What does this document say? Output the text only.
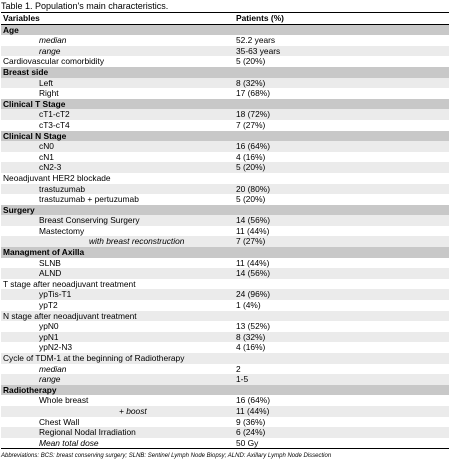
Table 1. Population's main characteristics.
Variables	Patients (%)
Age	
median	52.2 years
range	35-63 years
Cardiovascular comorbidity	5 (20%)
Breast side	
Left	8 (32%)
Right	17 (68%)
Clinical T Stage	
cT1-cT2	18 (72%)
cT3-cT4	7 (27%)
Clinical N Stage	
cN0	16 (64%)
cN1	4 (16%)
cN2-3	5 (20%)
Neoadjuvant HER2 blockade	
trastuzumab	20 (80%)
trastuzumab + pertuzumab	5 (20%)
Surgery	
Breast Conserving Surgery	14 (56%)
Mastectomy	11 (44%)
with breast reconstruction	7 (27%)
Managment of Axilla	
SLNB	11 (44%)
ALND	14 (56%)
T stage after neoadjuvant treatment	
ypTis-T1	24 (96%)
ypT2	1 (4%)
N stage after neoadjuvant treatment	
ypN0	13 (52%)
ypN1	8 (32%)
ypN2-N3	4 (16%)
Cycle of TDM-1 at the beginning of Radiotherapy	
median	2
range	1-5
Radiotherapy	
Whole breast	16 (64%)
+ boost	11 (44%)
Chest Wall	9 (36%)
Regional Nodal Irradiation	6 (24%)
Mean total dose	50 Gy
Abbreviations: BCS: breast conserving surgery; SLNB: Sentinel Lymph Node Biopsy; ALND: Axillary Lymph Node Dissection
